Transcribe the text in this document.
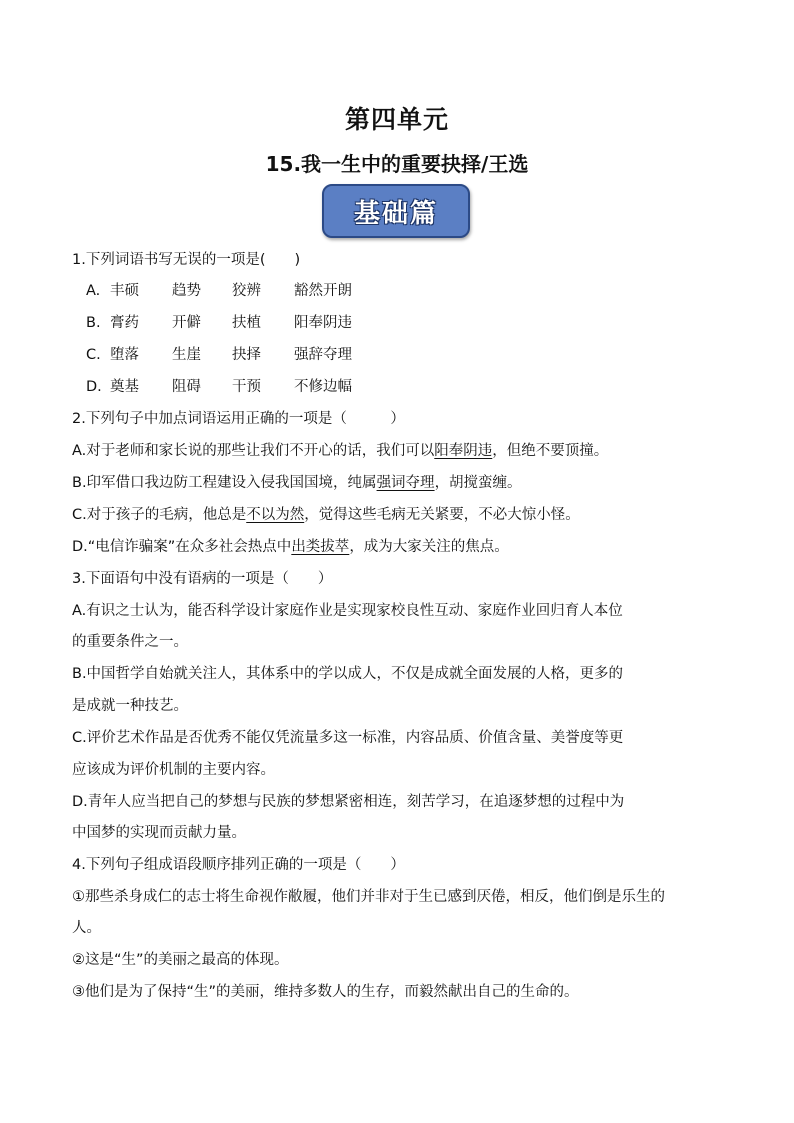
第四单元
15.我一生中的重要抉择/王选
基础篇
1.下列词语书写无误的一项是(　　)
A. 丰硕 趋势 狡辨 豁然开朗
B. 膏药 开僻 扶植 阳奉阴违
C. 堕落 生崖 抉择 强辞夺理
D. 奠基 阻碍 干预 不修边幅
2.下列句子中加点词语运用正确的一项是（　　　）
A.对于老师和家长说的那些让我们不开心的话，我们可以阳奉阴违，但绝不要顶撞。
B.印军借口我边防工程建设入侵我国国境，纯属强词夺理，胡搅蛮缠。
C.对于孩子的毛病，他总是不以为然，觉得这些毛病无关紧要，不必大惊小怪。
D.“电信诈骗案”在众多社会热点中出类拔萃，成为大家关注的焦点。
3.下面语句中没有语病的一项是（　　）
A.有识之士认为，能否科学设计家庭作业是实现家校良性互动、家庭作业回归育人本位
的重要条件之一。
B.中国哲学自始就关注人，其体系中的学以成人，不仅是成就全面发展的人格，更多的
是成就一种技艺。
C.评价艺术作品是否优秀不能仅凭流量多这一标准，内容品质、价值含量、美誉度等更
应该成为评价机制的主要内容。
D.青年人应当把自己的梦想与民族的梦想紧密相连，刻苦学习，在追逐梦想的过程中为
中国梦的实现而贡献力量。
4.下列句子组成语段顺序排列正确的一项是（　　）
①那些杀身成仁的志士将生命视作敝履，他们并非对于生已感到厌倦，相反，他们倒是乐生的
人。
②这是“生”的美丽之最高的体现。
③他们是为了保持“生”的美丽，维持多数人的生存，而毅然献出自己的生命的。
